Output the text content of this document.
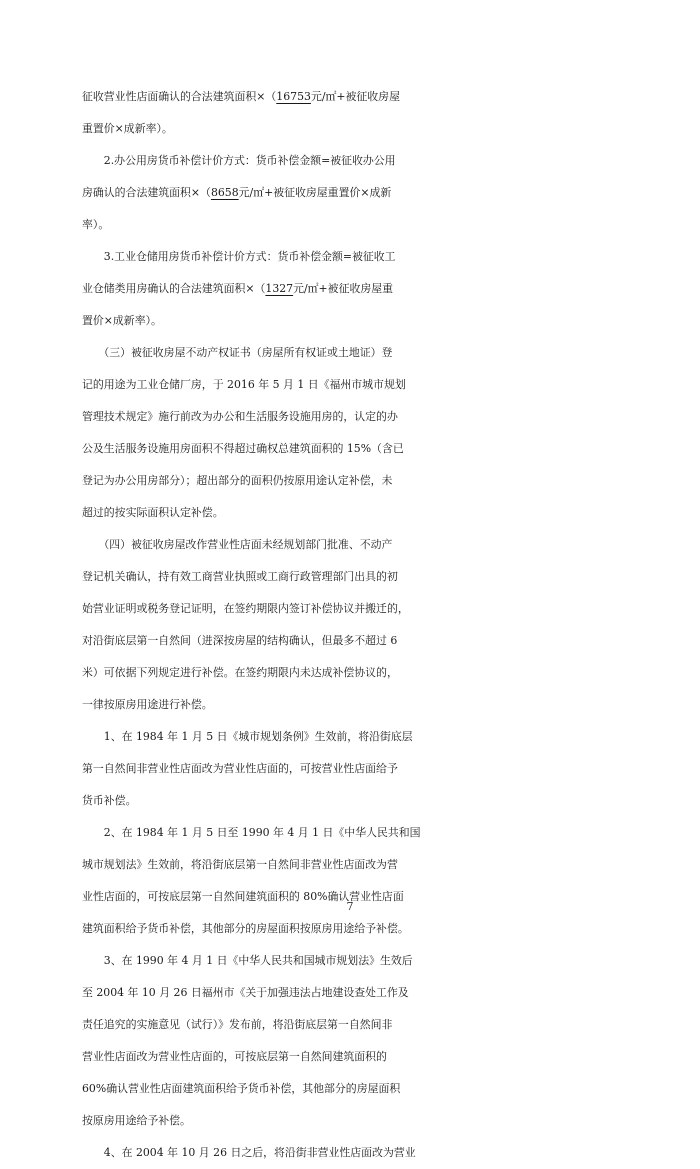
征收营业性店面确认的合法建筑面积×（16753元/㎡+被征收房屋
重置价×成新率）。
　　2.办公用房货币补偿计价方式：货币补偿金额=被征收办公用
房确认的合法建筑面积×（8658元/㎡+被征收房屋重置价×成新
率）。
　　3.工业仓储用房货币补偿计价方式：货币补偿金额=被征收工
业仓储类用房确认的合法建筑面积×（1327元/㎡+被征收房屋重
置价×成新率）。
　　（三）被征收房屋不动产权证书（房屋所有权证或土地证）登
记的用途为工业仓储厂房，于 2016 年 5 月 1 日《福州市城市规划
管理技术规定》施行前改为办公和生活服务设施用房的，认定的办
公及生活服务设施用房面积不得超过确权总建筑面积的 15%（含已
登记为办公用房部分）；超出部分的面积仍按原用途认定补偿，未
超过的按实际面积认定补偿。
　　（四）被征收房屋改作营业性店面未经规划部门批准、不动产
登记机关确认，持有效工商营业执照或工商行政管理部门出具的初
始营业证明或税务登记证明，在签约期限内签订补偿协议并搬迁的，
对沿街底层第一自然间（进深按房屋的结构确认，但最多不超过 6
米）可依据下列规定进行补偿。在签约期限内未达成补偿协议的，
一律按原房用途进行补偿。
　　1、在 1984 年 1 月 5 日《城市规划条例》生效前，将沿街底层
第一自然间非营业性店面改为营业性店面的，可按营业性店面给予
货币补偿。
　　2、在 1984 年 1 月 5 日至 1990 年 4 月 1 日《中华人民共和国
城市规划法》生效前，将沿街底层第一自然间非营业性店面改为营
业性店面的，可按底层第一自然间建筑面积的 80%确认营业性店面
建筑面积给予货币补偿，其他部分的房屋面积按原房用途给予补偿。
　　3、在 1990 年 4 月 1 日《中华人民共和国城市规划法》生效后
至 2004 年 10 月 26 日福州市《关于加强违法占地建设查处工作及
责任追究的实施意见（试行）》发布前，将沿街底层第一自然间非
营业性店面改为营业性店面的，可按底层第一自然间建筑面积的
60%确认营业性店面建筑面积给予货币补偿，其他部分的房屋面积
按原房用途给予补偿。
　　4、在 2004 年 10 月 26 日之后，将沿街非营业性店面改为营业
7
